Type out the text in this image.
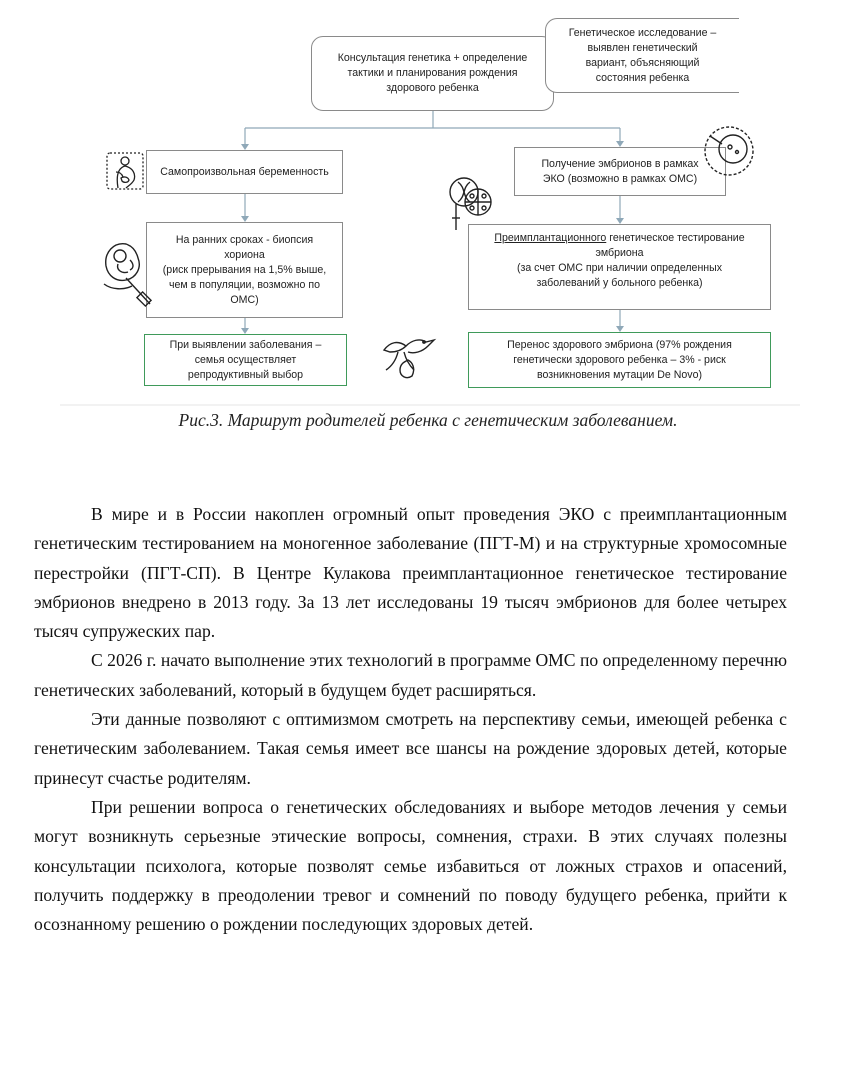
Консультация генетика + определение
тактики и планирования рождения
здорового ребенка
Генетическое исследование –
выявлен генетический
вариант, объясняющий
состояния ребенка
Самопроизвольная беременность
На ранних сроках - биопсия
хориона
(риск прерывания на 1,5% выше,
чем в популяции, возможно по
ОМС)
При выявлении заболевания –
семья осуществляет
репродуктивный выбор
Получение эмбрионов в рамках
ЭКО (возможно в рамках ОМС)
Преимплантационного генетическое тестирование
эмбриона
(за счет ОМС при наличии определенных
заболеваний у больного ребенка)
Перенос здорового эмбриона (97% рождения
генетически здорового ребенка – 3% - риск
возникновения мутации De Novo)
Рис.3. Маршрут родителей ребенка с генетическим заболеванием.

В мире и в России накоплен огромный опыт проведения ЭКО с преимплантационным генетическим тестированием на моногенное заболевание (ПГТ-М) и на структурные хромосомные перестройки (ПГТ-СП). В Центре Кулакова преимплантационное генетическое тестирование эмбрионов внедрено в 2013 году. За 13 лет исследованы 19 тысяч эмбрионов для более четырех тысяч супружеских пар.

С 2026 г. начато выполнение этих технологий в программе ОМС по определенному перечню генетических заболеваний, который в будущем будет расширяться.

Эти данные позволяют с оптимизмом смотреть на перспективу семьи, имеющей ребенка с генетическим заболеванием. Такая семья имеет все шансы на рождение здоровых детей, которые принесут счастье родителям.

При решении вопроса о генетических обследованиях и выборе методов лечения у семьи могут возникнуть серьезные этические вопросы, сомнения, страхи. В этих случаях полезны консультации психолога, которые позволят семье избавиться от ложных страхов и опасений, получить поддержку в преодолении тревог и сомнений по поводу будущего ребенка, прийти к осознанному решению о рождении последующих здоровых детей.
